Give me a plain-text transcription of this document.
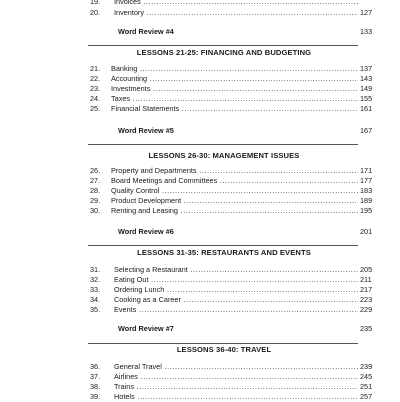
19.	Invoices .....
20.	Inventory .....	127
Word Review #4	133
LESSONS 21-25: FINANCING AND BUDGETING
21.	Banking .....	137
22.	Accounting .....	143
23.	Investments .....	149
24.	Taxes .....	155
25.	Financial Statements .....	161
Word Review #5	167
LESSONS 26-30: MANAGEMENT ISSUES
26.	Property and Departments .....	171
27.	Board Meetings and Committees .....	177
28.	Quality Control .....	183
29.	Product Development .....	189
30.	Renting and Leasing .....	195
Word Review #6	201
LESSONS 31-35: RESTAURANTS AND EVENTS
31.	Selecting a Restaurant .....	205
32.	Eating Out .....	211
33.	Ordering Lunch .....	217
34.	Cooking as a Career .....	223
35.	Events .....	229
Word Review #7	235
LESSONS 36-40: TRAVEL
36.	General Travel .....	239
37.	Airlines .....	245
38.	Trains .....	251
39.	Hotels .....	257
